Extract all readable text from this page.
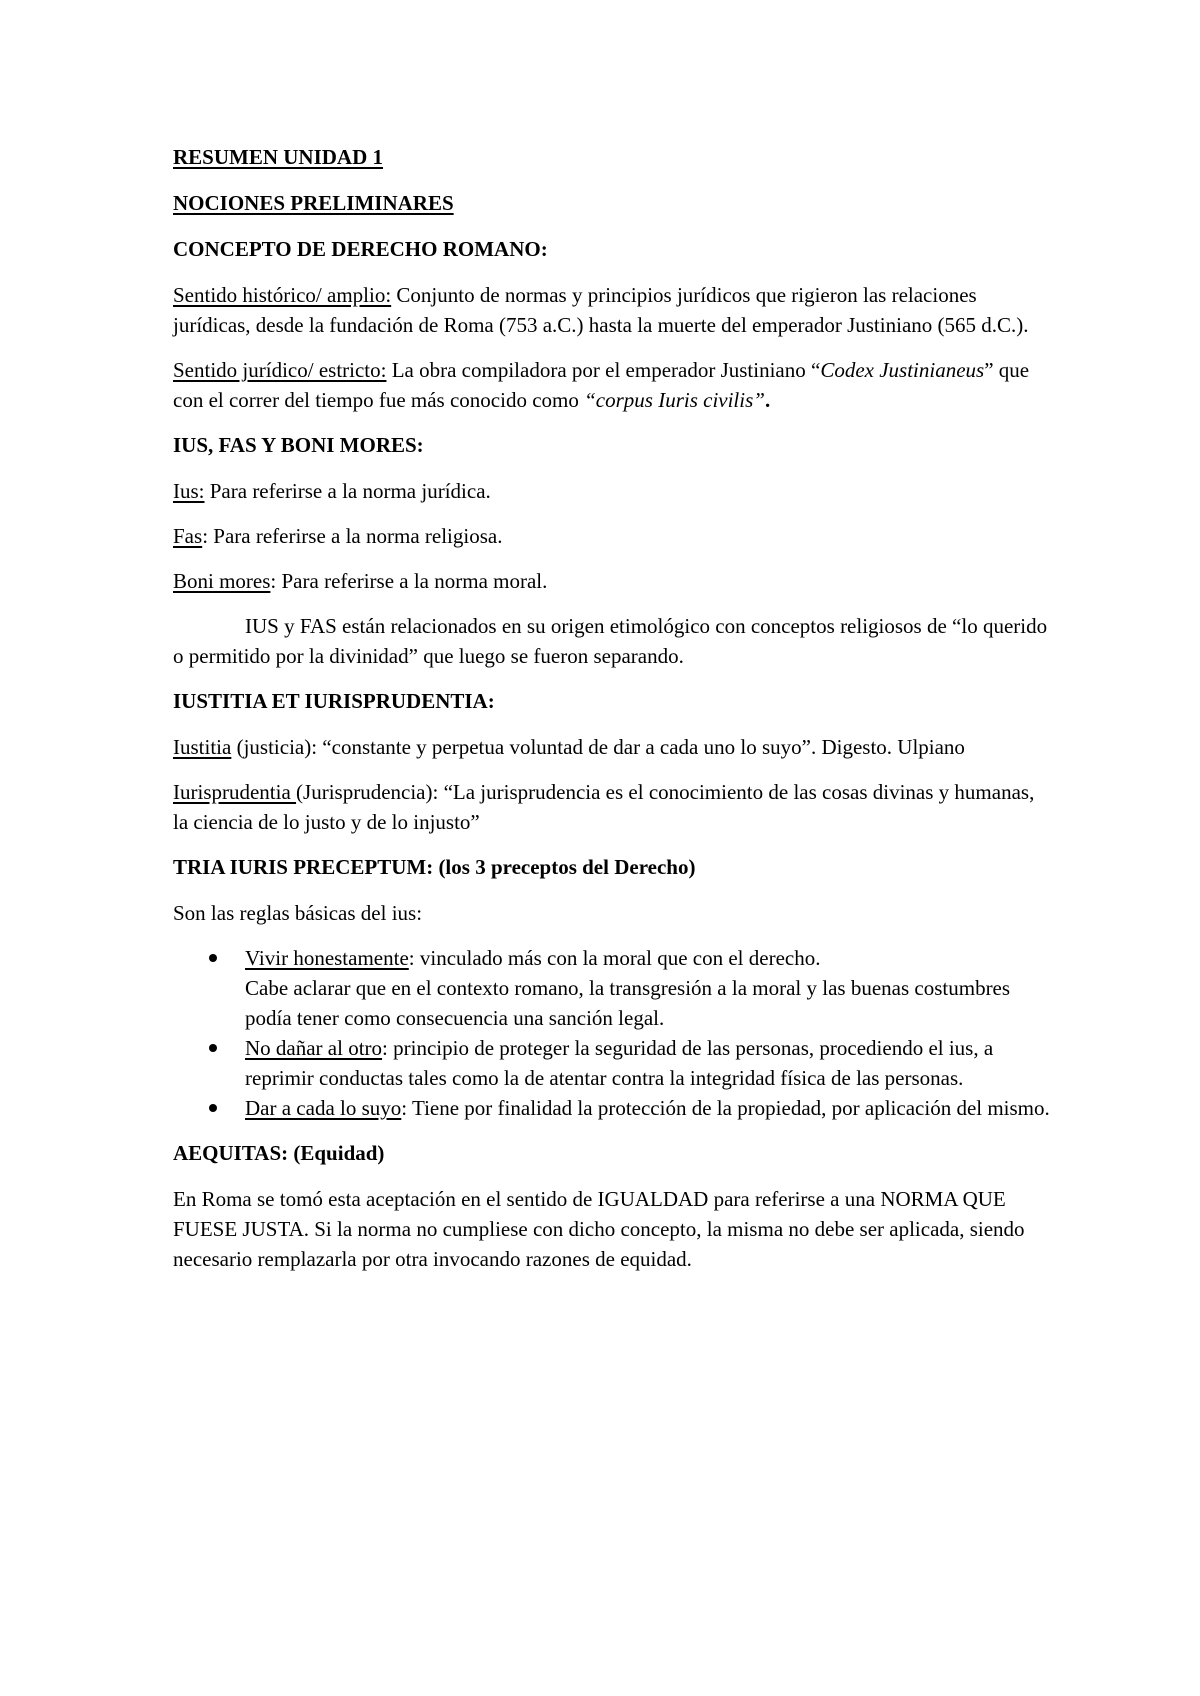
RESUMEN UNIDAD 1
NOCIONES PRELIMINARES
CONCEPTO DE DERECHO ROMANO:

Sentido histórico/ amplio: Conjunto de normas y principios jurídicos que rigieron las relaciones jurídicas, desde la fundación de Roma (753 a.C.) hasta la muerte del emperador Justiniano (565 d.C.).

Sentido jurídico/ estricto: La obra compiladora por el emperador Justiniano “Codex Justinianeus” que con el correr del tiempo fue más conocido como “corpus Iuris civilis”.

IUS, FAS Y BONI MORES:

Ius: Para referirse a la norma jurídica.

Fas: Para referirse a la norma religiosa.

Boni mores: Para referirse a la norma moral.

IUS y FAS están relacionados en su origen etimológico con conceptos religiosos de “lo querido o permitido por la divinidad” que luego se fueron separando.

IUSTITIA ET IURISPRUDENTIA:

Iustitia (justicia): “constante y perpetua voluntad de dar a cada uno lo suyo”. Digesto. Ulpiano

Iurisprudentia (Jurisprudencia): “La jurisprudencia es el conocimiento de las cosas divinas y humanas, la ciencia de lo justo y de lo injusto”

TRIA IURIS PRECEPTUM: (los 3 preceptos del Derecho)

Son las reglas básicas del ius:

Vivir honestamente: vinculado más con la moral que con el derecho.
Cabe aclarar que en el contexto romano, la transgresión a la moral y las buenas costumbres podía tener como consecuencia una sanción legal.
No dañar al otro: principio de proteger la seguridad de las personas, procediendo el ius, a reprimir conductas tales como la de atentar contra la integridad física de las personas.
Dar a cada lo suyo: Tiene por finalidad la protección de la propiedad, por aplicación del mismo.
AEQUITAS: (Equidad)

En Roma se tomó esta aceptación en el sentido de IGUALDAD para referirse a una NORMA QUE FUESE JUSTA. Si la norma no cumpliese con dicho concepto, la misma no debe ser aplicada, siendo necesario remplazarla por otra invocando razones de equidad.
